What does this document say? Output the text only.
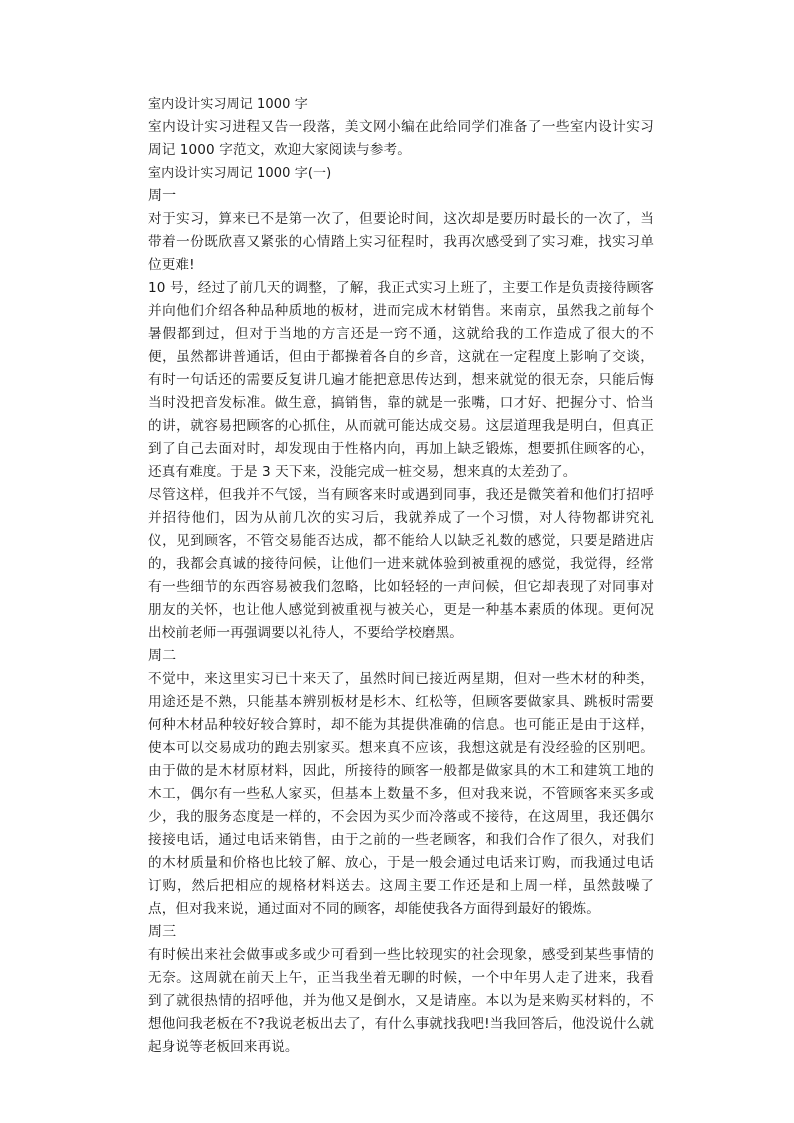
室内设计实习周记 1000 字

室内设计实习进程又告一段落，美文网小编在此给同学们准备了一些室内设计实习周记 1000 字范文，欢迎大家阅读与参考。

室内设计实习周记 1000 字(一)

周一

对于实习，算来已不是第一次了，但要论时间，这次却是要历时最长的一次了，当带着一份既欣喜又紧张的心情踏上实习征程时，我再次感受到了实习难，找实习单位更难!

10 号，经过了前几天的调整，了解，我正式实习上班了，主要工作是负责接待顾客并向他们介绍各种品种质地的板材，进而完成木材销售。来南京，虽然我之前每个暑假都到过，但对于当地的方言还是一窍不通，这就给我的工作造成了很大的不便，虽然都讲普通话，但由于都操着各自的乡音，这就在一定程度上影响了交谈，有时一句话还的需要反复讲几遍才能把意思传达到，想来就觉的很无奈，只能后悔当时没把音发标准。做生意，搞销售，靠的就是一张嘴，口才好、把握分寸、恰当的讲，就容易把顾客的心抓住，从而就可能达成交易。这层道理我是明白，但真正到了自己去面对时，却发现由于性格内向，再加上缺乏锻炼，想要抓住顾客的心，还真有难度。于是 3 天下来，没能完成一桩交易，想来真的太差劲了。

尽管这样，但我并不气馁，当有顾客来时或遇到同事，我还是微笑着和他们打招呼并招待他们，因为从前几次的实习后，我就养成了一个习惯，对人待物都讲究礼仪，见到顾客，不管交易能否达成，都不能给人以缺乏礼数的感觉，只要是踏进店的，我都会真诚的接待问候，让他们一进来就体验到被重视的感觉，我觉得，经常有一些细节的东西容易被我们忽略，比如轻轻的一声问候，但它却表现了对同事对朋友的关怀，也让他人感觉到被重视与被关心，更是一种基本素质的体现。更何况出校前老师一再强调要以礼待人，不要给学校磨黑。

周二

不觉中，来这里实习已十来天了，虽然时间已接近两星期，但对一些木材的种类，用途还是不熟，只能基本辨别板材是杉木、红松等，但顾客要做家具、跳板时需要何种木材品种较好较合算时，却不能为其提供准确的信息。也可能正是由于这样，使本可以交易成功的跑去别家买。想来真不应该，我想这就是有没经验的区别吧。由于做的是木材原材料，因此，所接待的顾客一般都是做家具的木工和建筑工地的木工，偶尔有一些私人家买，但基本上数量不多，但对我来说，不管顾客来买多或少，我的服务态度是一样的，不会因为买少而冷落或不接待，在这周里，我还偶尔接接电话，通过电话来销售，由于之前的一些老顾客，和我们合作了很久，对我们的木材质量和价格也比较了解、放心，于是一般会通过电话来订购，而我通过电话订购，然后把相应的规格材料送去。这周主要工作还是和上周一样，虽然鼓噪了点，但对我来说，通过面对不同的顾客，却能使我各方面得到最好的锻炼。

周三

有时候出来社会做事或多或少可看到一些比较现实的社会现象，感受到某些事情的无奈。这周就在前天上午，正当我坐着无聊的时候，一个中年男人走了进来，我看到了就很热情的招呼他，并为他又是倒水，又是请座。本以为是来购买材料的，不想他问我老板在不?我说老板出去了，有什么事就找我吧!当我回答后，他没说什么就起身说等老板回来再说。
